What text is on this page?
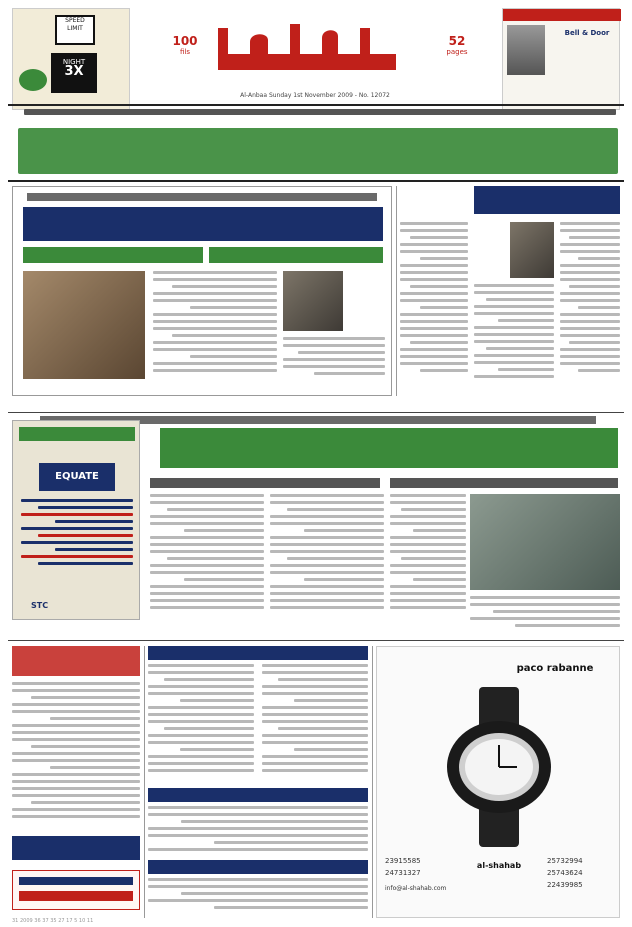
SPEED LIMIT
NIGHT
3X
100
fils
52
pages
Bell & Door
Al-Anbaa Sunday 1st November 2009 - No. 12072
EQUATE
STC
paco rabanne
al-shahab	25732994
25743624
22439985
23915585
24731327
info@al-shahab.com
31 2009 36 37 35 27 17 5 10 11
